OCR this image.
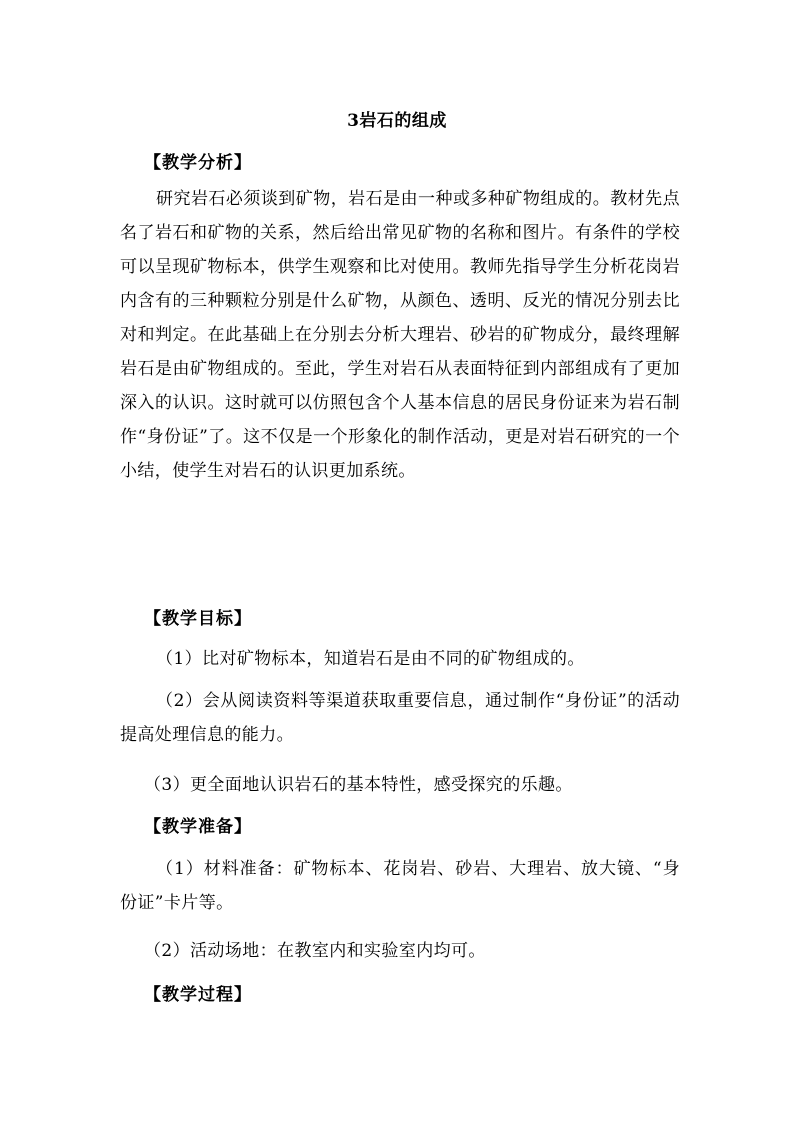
3岩石的组成
【教学分析】
研究岩石必须谈到矿物，岩石是由一种或多种矿物组成的。教材先点名了岩石和矿物的关系，然后给出常见矿物的名称和图片。有条件的学校可以呈现矿物标本，供学生观察和比对使用。教师先指导学生分析花岗岩内含有的三种颗粒分别是什么矿物，从颜色、透明、反光的情况分别去比对和判定。在此基础上在分别去分析大理岩、砂岩的矿物成分，最终理解岩石是由矿物组成的。至此，学生对岩石从表面特征到内部组成有了更加深入的认识。这时就可以仿照包含个人基本信息的居民身份证来为岩石制作“身份证”了。这不仅是一个形象化的制作活动，更是对岩石研究的一个小结，使学生对岩石的认识更加系统。
【教学目标】
（1）比对矿物标本，知道岩石是由不同的矿物组成的。
（2）会从阅读资料等渠道获取重要信息，通过制作“身份证”的活动提高处理信息的能力。
（3）更全面地认识岩石的基本特性，感受探究的乐趣。
【教学准备】
（1）材料准备：矿物标本、花岗岩、砂岩、大理岩、放大镜、“身份证”卡片等。
（2）活动场地：在教室内和实验室内均可。
【教学过程】
